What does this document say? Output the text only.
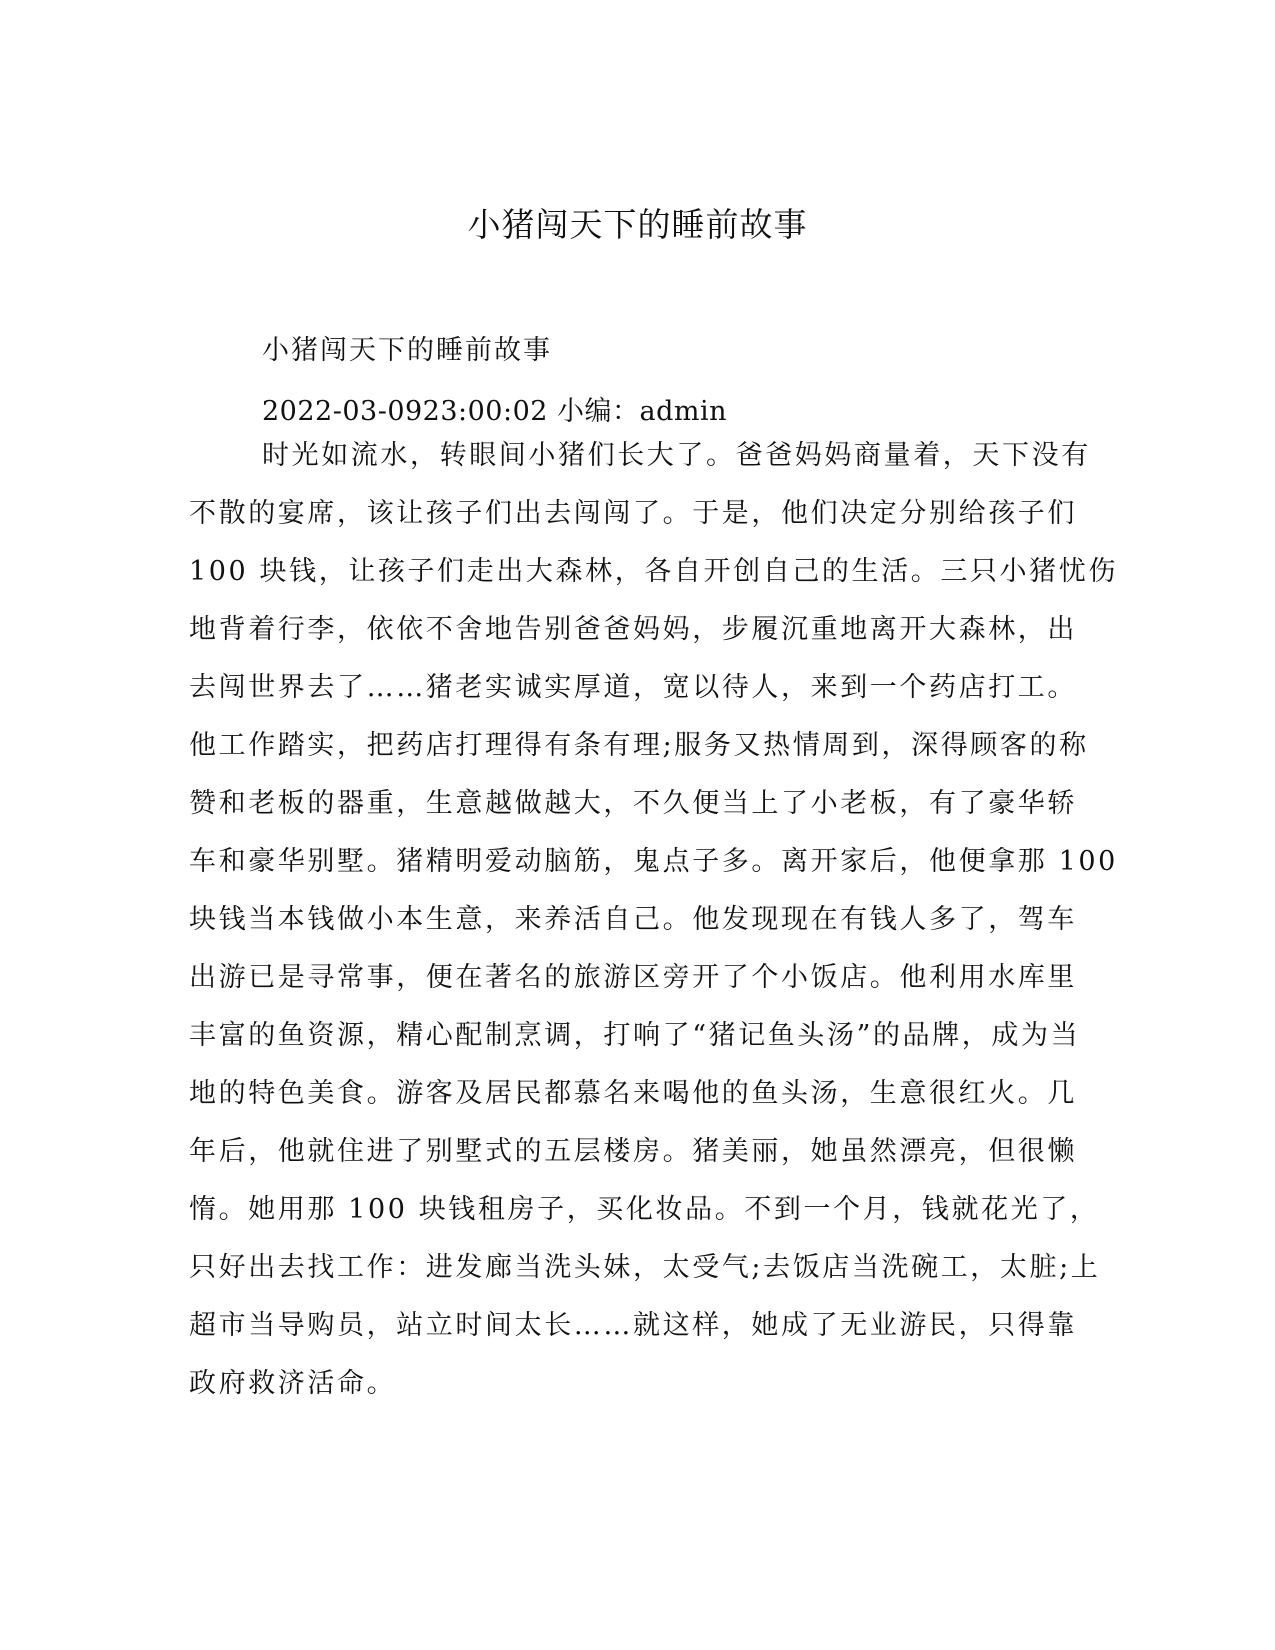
小猪闯天下的睡前故事
小猪闯天下的睡前故事
2022-03-0923:00:02 小编：admin
时光如流水，转眼间小猪们长大了。爸爸妈妈商量着，天下没有
不散的宴席，该让孩子们出去闯闯了。于是，他们决定分别给孩子们
100 块钱，让孩子们走出大森林，各自开创自己的生活。三只小猪忧伤
地背着行李，依依不舍地告别爸爸妈妈，步履沉重地离开大森林，出
去闯世界去了……猪老实诚实厚道，宽以待人，来到一个药店打工。
他工作踏实，把药店打理得有条有理;服务又热情周到，深得顾客的称
赞和老板的器重，生意越做越大，不久便当上了小老板，有了豪华轿
车和豪华别墅。猪精明爱动脑筋，鬼点子多。离开家后，他便拿那 100
块钱当本钱做小本生意，来养活自己。他发现现在有钱人多了，驾车
出游已是寻常事，便在著名的旅游区旁开了个小饭店。他利用水库里
丰富的鱼资源，精心配制烹调，打响了“猪记鱼头汤”的品牌，成为当
地的特色美食。游客及居民都慕名来喝他的鱼头汤，生意很红火。几
年后，他就住进了别墅式的五层楼房。猪美丽，她虽然漂亮，但很懒
惰。她用那 100 块钱租房子，买化妆品。不到一个月，钱就花光了，
只好出去找工作：进发廊当洗头妹，太受气;去饭店当洗碗工，太脏;上
超市当导购员，站立时间太长……就这样，她成了无业游民，只得靠
政府救济活命。
